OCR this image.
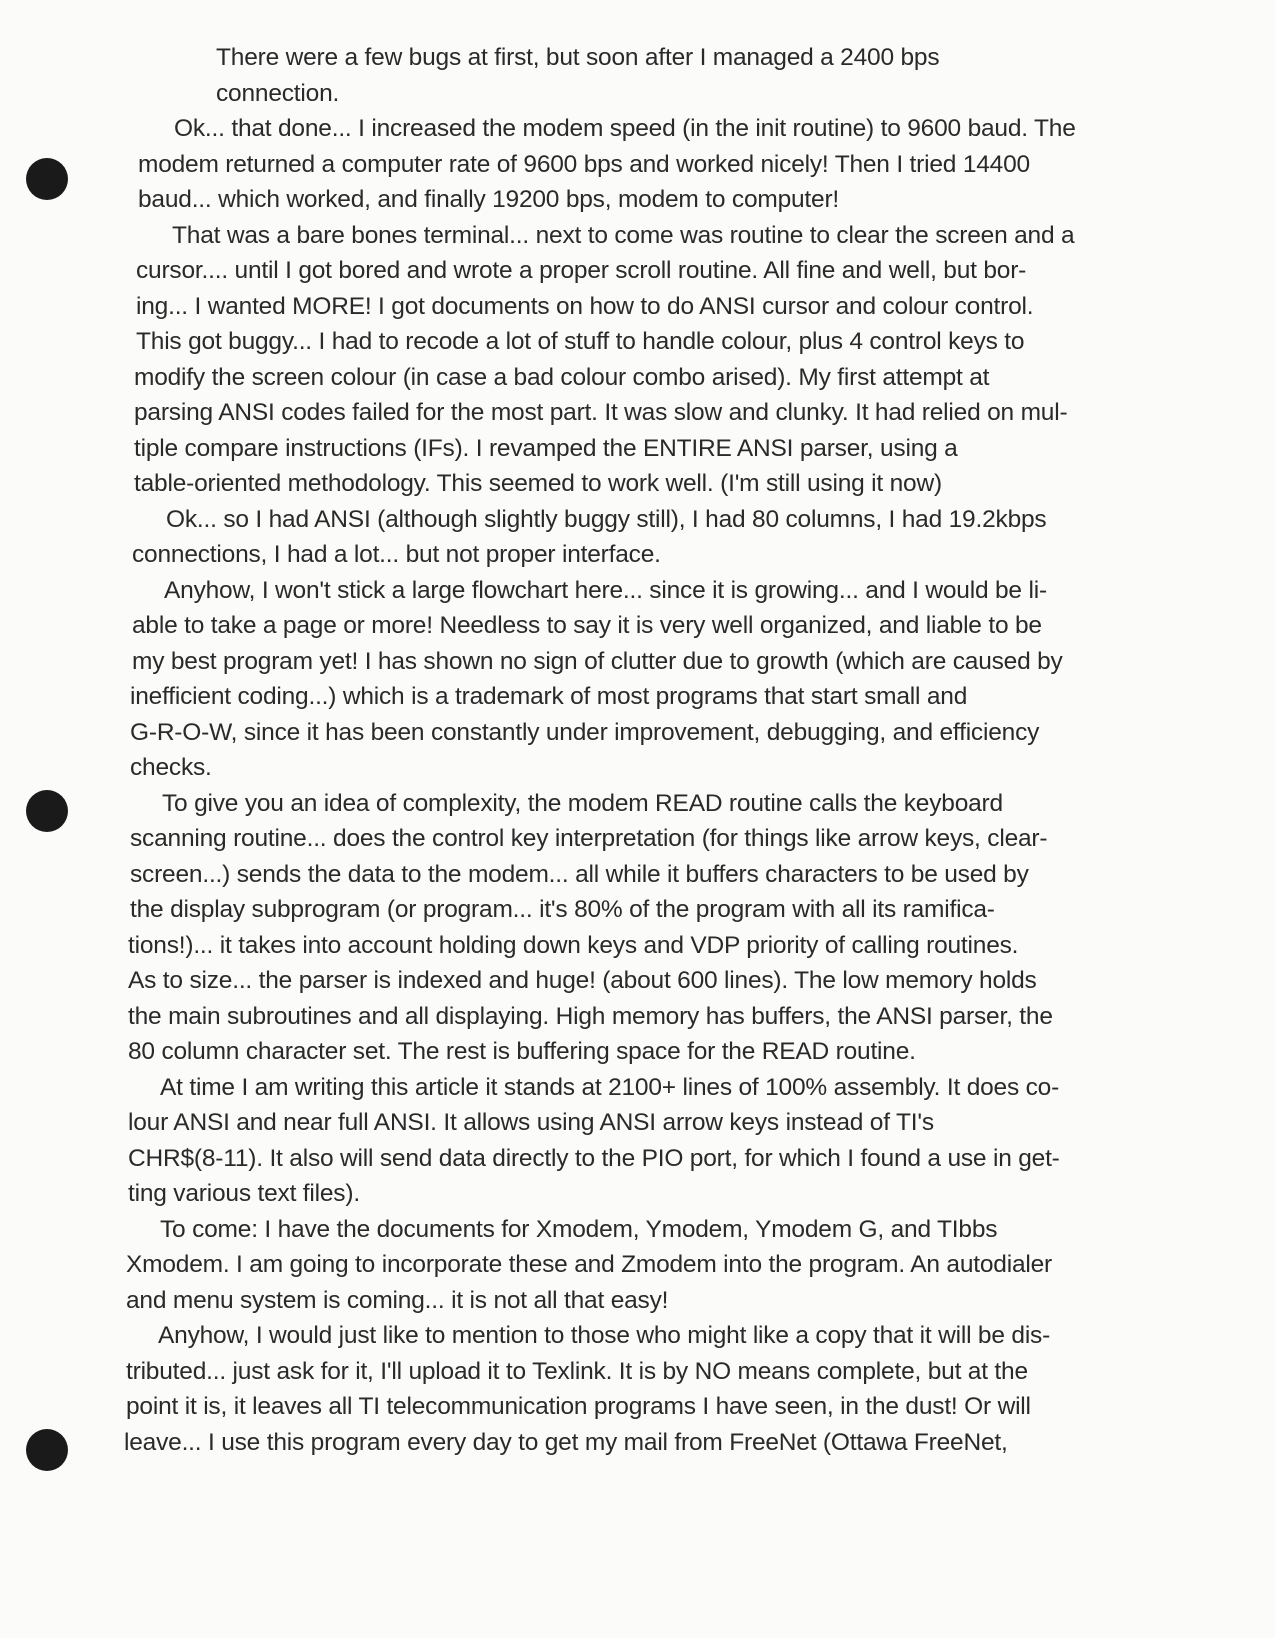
There were a few bugs at first, but soon after I managed a 2400 bps
connection.
Ok... that done... I increased the modem speed (in the init routine) to 9600 baud. The
modem returned a computer rate of 9600 bps and worked nicely! Then I tried 14400
baud... which worked, and finally 19200 bps, modem to computer!
That was a bare bones terminal... next to come was routine to clear the screen and a
cursor.... until I got bored and wrote a proper scroll routine. All fine and well, but bor-
ing... I wanted MORE! I got documents on how to do ANSI cursor and colour control.
This got buggy... I had to recode a lot of stuff to handle colour, plus 4 control keys to
modify the screen colour (in case a bad colour combo arised). My first attempt at
parsing ANSI codes failed for the most part. It was slow and clunky. It had relied on mul-
tiple compare instructions (IFs). I revamped the ENTIRE ANSI parser, using a
table-oriented methodology. This seemed to work well. (I'm still using it now)
Ok... so I had ANSI (although slightly buggy still), I had 80 columns, I had 19.2kbps
connections, I had a lot... but not proper interface.
Anyhow, I won't stick a large flowchart here... since it is growing... and I would be li-
able to take a page or more! Needless to say it is very well organized, and liable to be
my best program yet! I has shown no sign of clutter due to growth (which are caused by
inefficient coding...) which is a trademark of most programs that start small and
G-R-O-W, since it has been constantly under improvement, debugging, and efficiency
checks.
To give you an idea of complexity, the modem READ routine calls the keyboard
scanning routine... does the control key interpretation (for things like arrow keys, clear-
screen...) sends the data to the modem... all while it buffers characters to be used by
the display subprogram (or program... it's 80% of the program with all its ramifica-
tions!)... it takes into account holding down keys and VDP priority of calling routines.
As to size... the parser is indexed and huge! (about 600 lines). The low memory holds
the main subroutines and all displaying. High memory has buffers, the ANSI parser, the
80 column character set. The rest is buffering space for the READ routine.
At time I am writing this article it stands at 2100+ lines of 100% assembly. It does co-
lour ANSI and near full ANSI. It allows using ANSI arrow keys instead of TI's
CHR$(8-11). It also will send data directly to the PIO port, for which I found a use in get-
ting various text files).
To come: I have the documents for Xmodem, Ymodem, Ymodem G, and TIbbs
Xmodem. I am going to incorporate these and Zmodem into the program. An autodialer
and menu system is coming... it is not all that easy!
Anyhow, I would just like to mention to those who might like a copy that it will be dis-
tributed... just ask for it, I'll upload it to Texlink. It is by NO means complete, but at the
point it is, it leaves all TI telecommunication programs I have seen, in the dust! Or will
leave... I use this program every day to get my mail from FreeNet (Ottawa FreeNet,
